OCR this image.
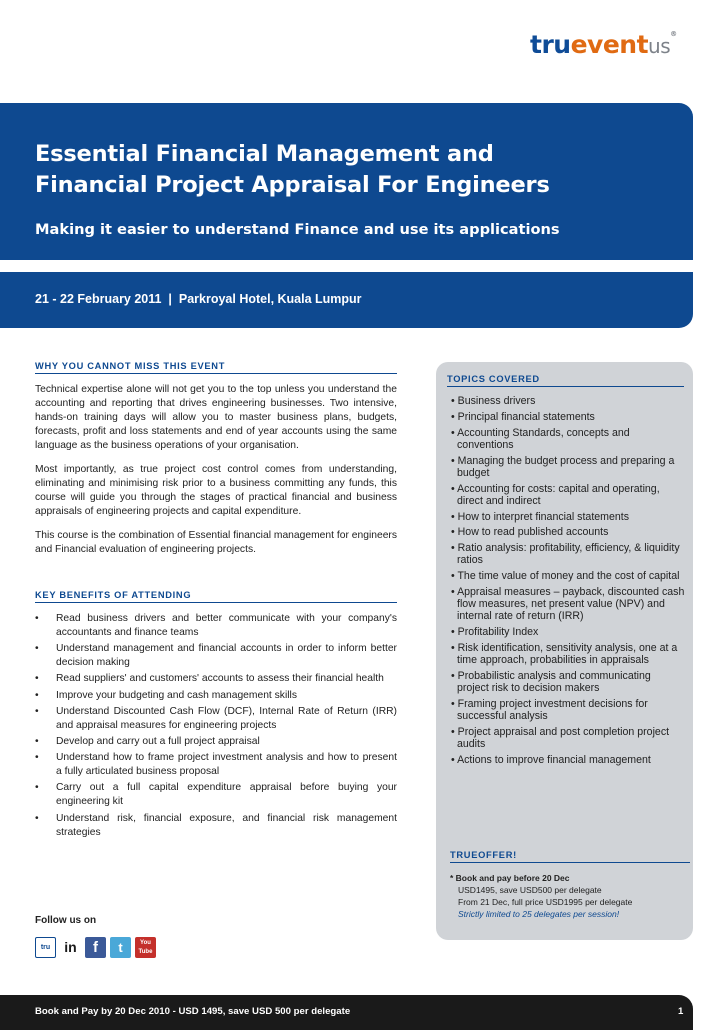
trueventus®
Essential Financial Management and
Financial Project Appraisal For Engineers
Making it easier to understand Finance and use its applications
21 - 22 February 2011  |  Parkroyal Hotel, Kuala Lumpur
WHY YOU CANNOT MISS THIS EVENT

Technical expertise alone will not get you to the top unless you understand the accounting and reporting that drives engineering businesses. Two intensive, hands-on training days will allow you to master business plans, budgets, forecasts, profit and loss statements and end of year accounts using the same language as the business operations of your organisation.

Most importantly, as true project cost control comes from understanding, eliminating and minimising risk prior to a business committing any funds, this course will guide you through the stages of practical financial and business appraisals of engineering projects and capital expenditure.

This course is the combination of Essential financial management for engineers and Financial evaluation of engineering projects.

KEY BENEFITS OF ATTENDING
• Read business drivers and better communicate with your company's accountants and finance teams
• Understand management and financial accounts in order to inform better decision making
• Read suppliers' and customers' accounts to assess their financial health
• Improve your budgeting and cash management skills
• Understand Discounted Cash Flow (DCF), Internal Rate of Return (IRR) and appraisal measures for engineering projects
• Develop and carry out a full project appraisal
• Understand how to frame project investment analysis and how to present a fully articulated business proposal
• Carry out a full capital expenditure appraisal before buying your engineering kit
• Understand risk, financial exposure, and financial risk management strategies
Follow us on
tru	in	f	t	You Tube
TOPICS COVERED
• Business drivers
• Principal financial statements
• Accounting Standards, concepts and conventions
• Managing the budget process and preparing a budget
• Accounting for costs: capital and operating, direct and indirect
• How to interpret financial statements
• How to read published accounts
• Ratio analysis: profitability, efficiency, & liquidity ratios
• The time value of money and the cost of capital
• Appraisal measures – payback, discounted cash flow measures, net present value (NPV) and internal rate of return (IRR)
• Profitability Index
• Risk identification, sensitivity analysis, one at a time approach, probabilities in appraisals
• Probabilistic analysis and communicating project risk to decision makers
• Framing project investment decisions for successful analysis
• Project appraisal and post completion project audits
• Actions to improve financial management
TRUEOFFER!
* Book and pay before 20 Dec
USD1495, save USD500 per delegate
From 21 Dec, full price USD1995 per delegate
Strictly limited to 25 delegates per session!
Book and Pay by 20 Dec 2010 - USD 1495, save USD 500 per delegate	1
